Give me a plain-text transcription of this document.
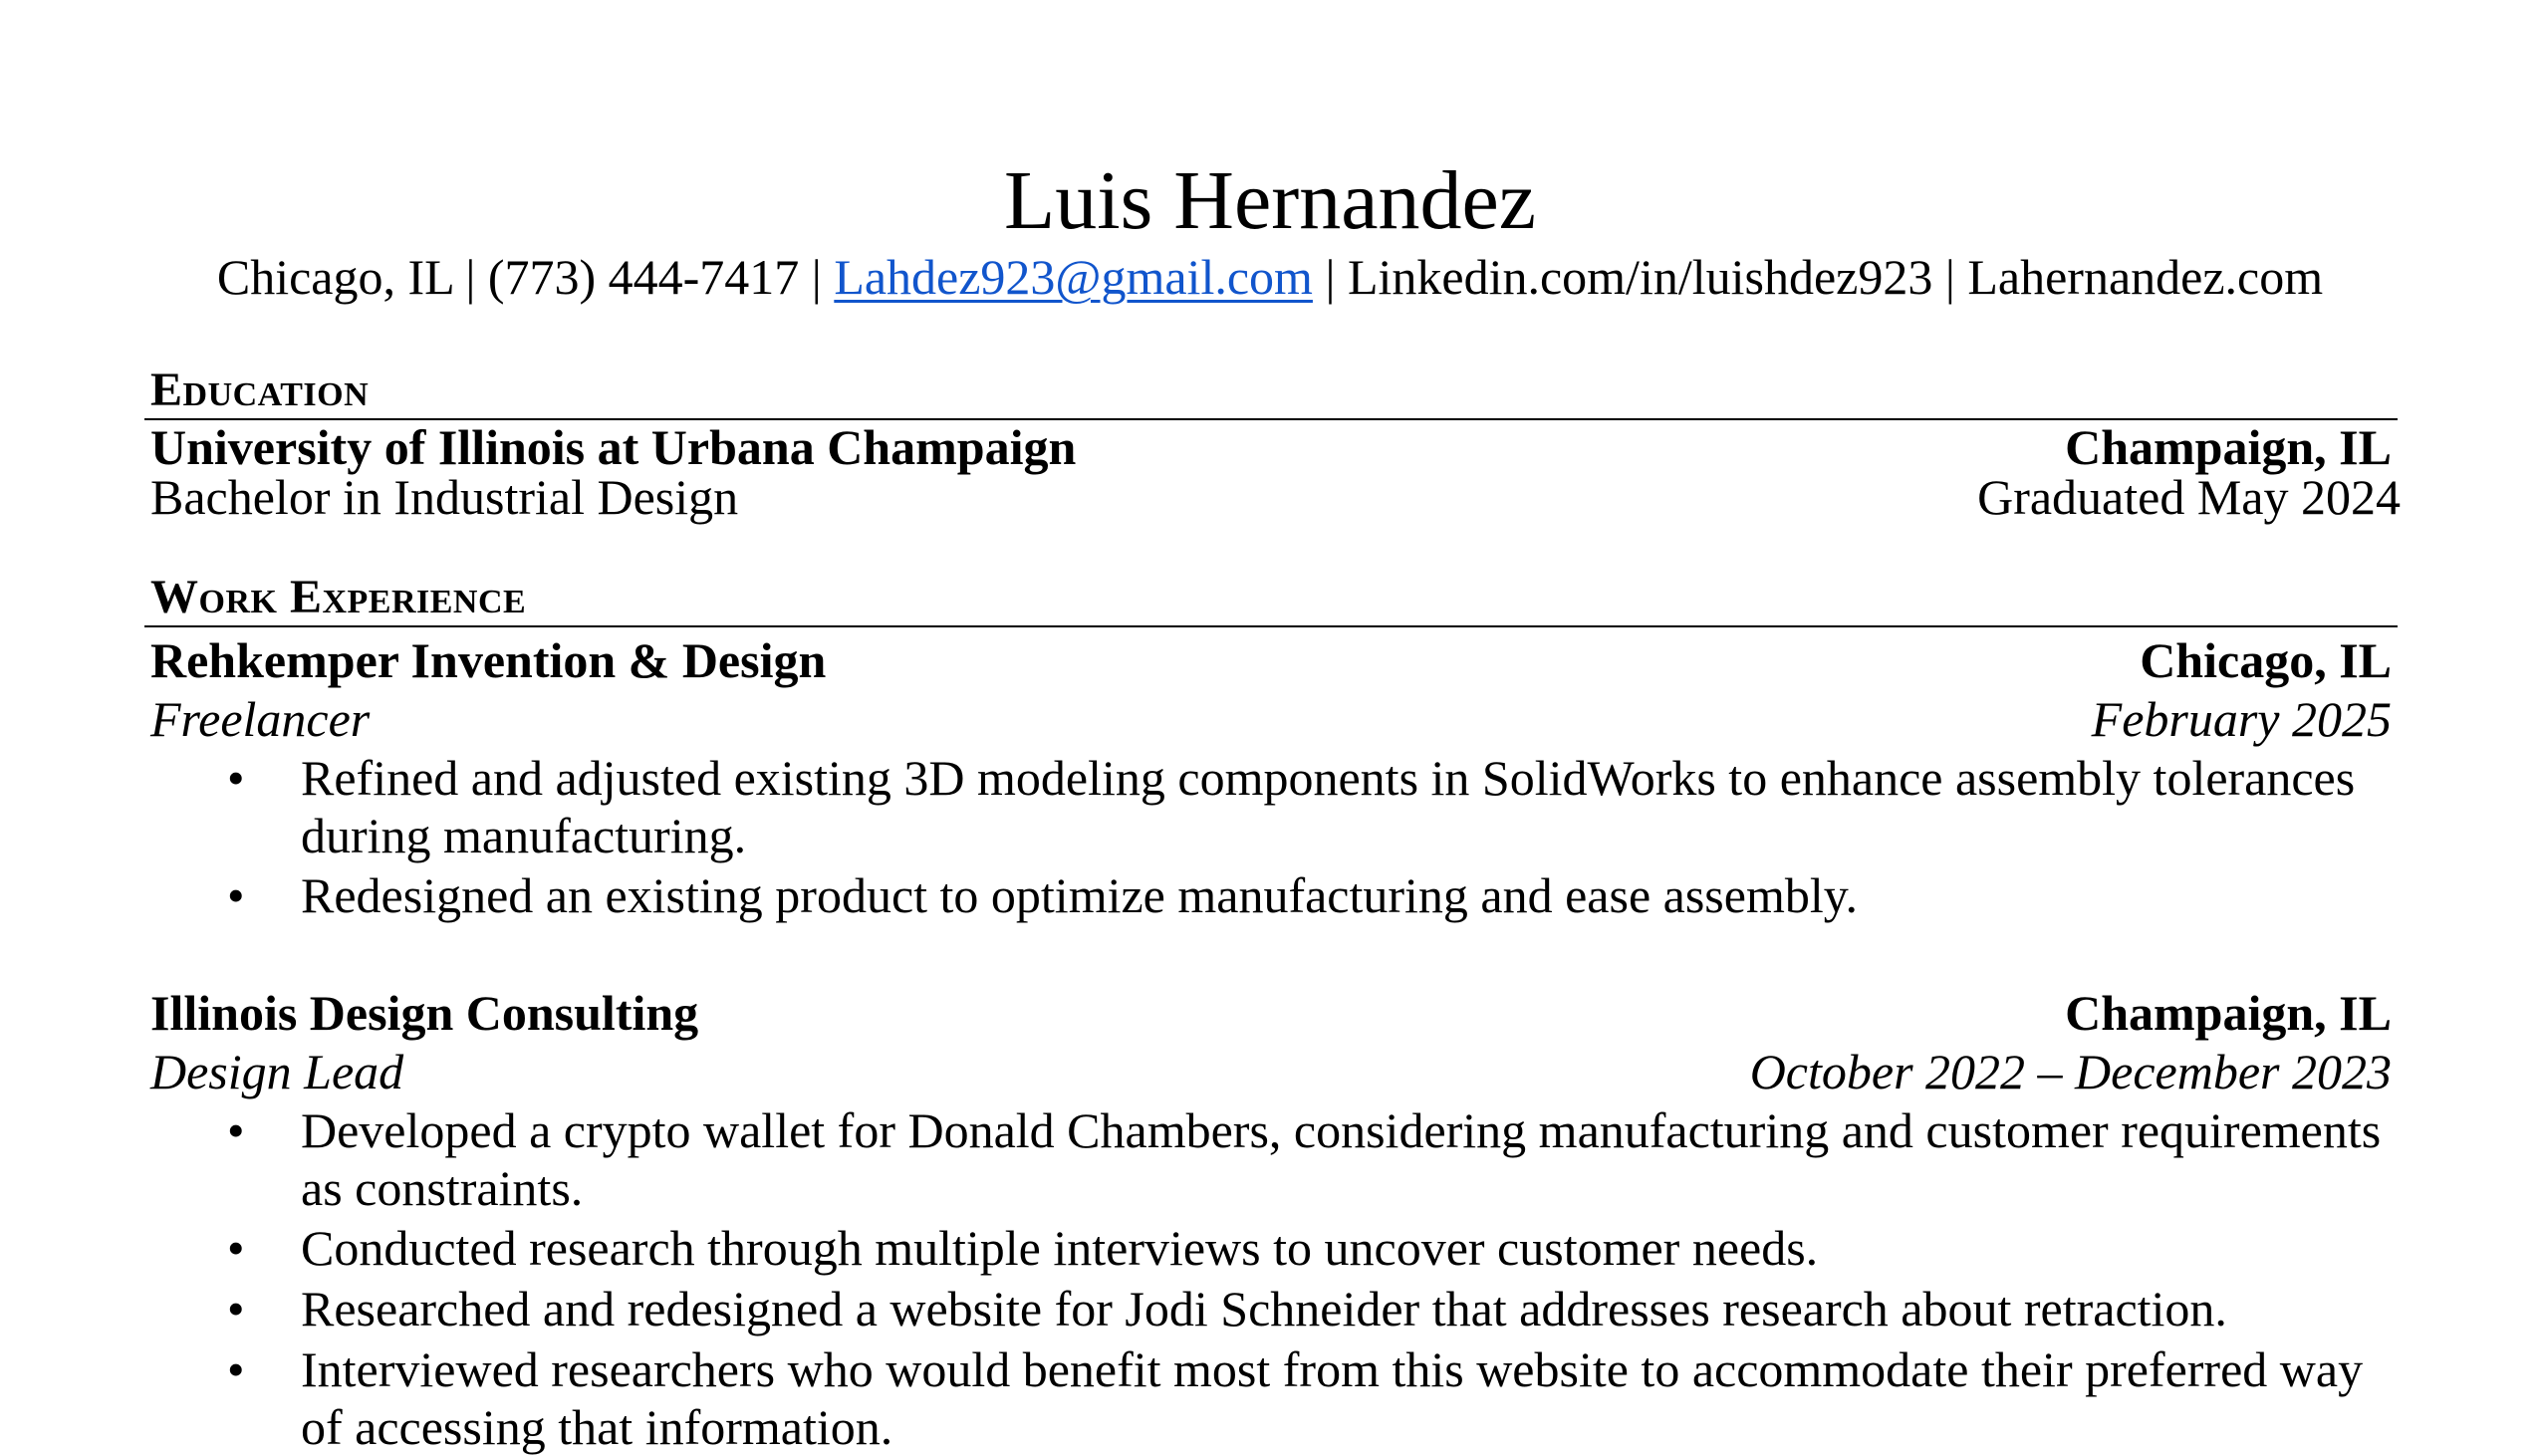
Luis Hernandez
Chicago, IL | (773) 444-7417 | Lahdez923@gmail.com | Linkedin.com/in/luishdez923 | Lahernandez.com
Education
University of Illinois at Urbana Champaign	Champaign, IL
Bachelor in Industrial Design	Graduated May 2024
Work Experience
Rehkemper Invention & Design	Chicago, IL
Freelancer	February 2025
•	Refined and adjusted existing 3D modeling components in SolidWorks to enhance assembly tolerances during manufacturing.
•	Redesigned an existing product to optimize manufacturing and ease assembly.
Illinois Design Consulting	Champaign, IL
Design Lead	October 2022 – December 2023
•	Developed a crypto wallet for Donald Chambers, considering manufacturing and customer requirements as constraints.
•	Conducted research through multiple interviews to uncover customer needs.
•	Researched and redesigned a website for Jodi Schneider that addresses research about retraction.
•	Interviewed researchers who would benefit most from this website to accommodate their preferred way of accessing that information.
